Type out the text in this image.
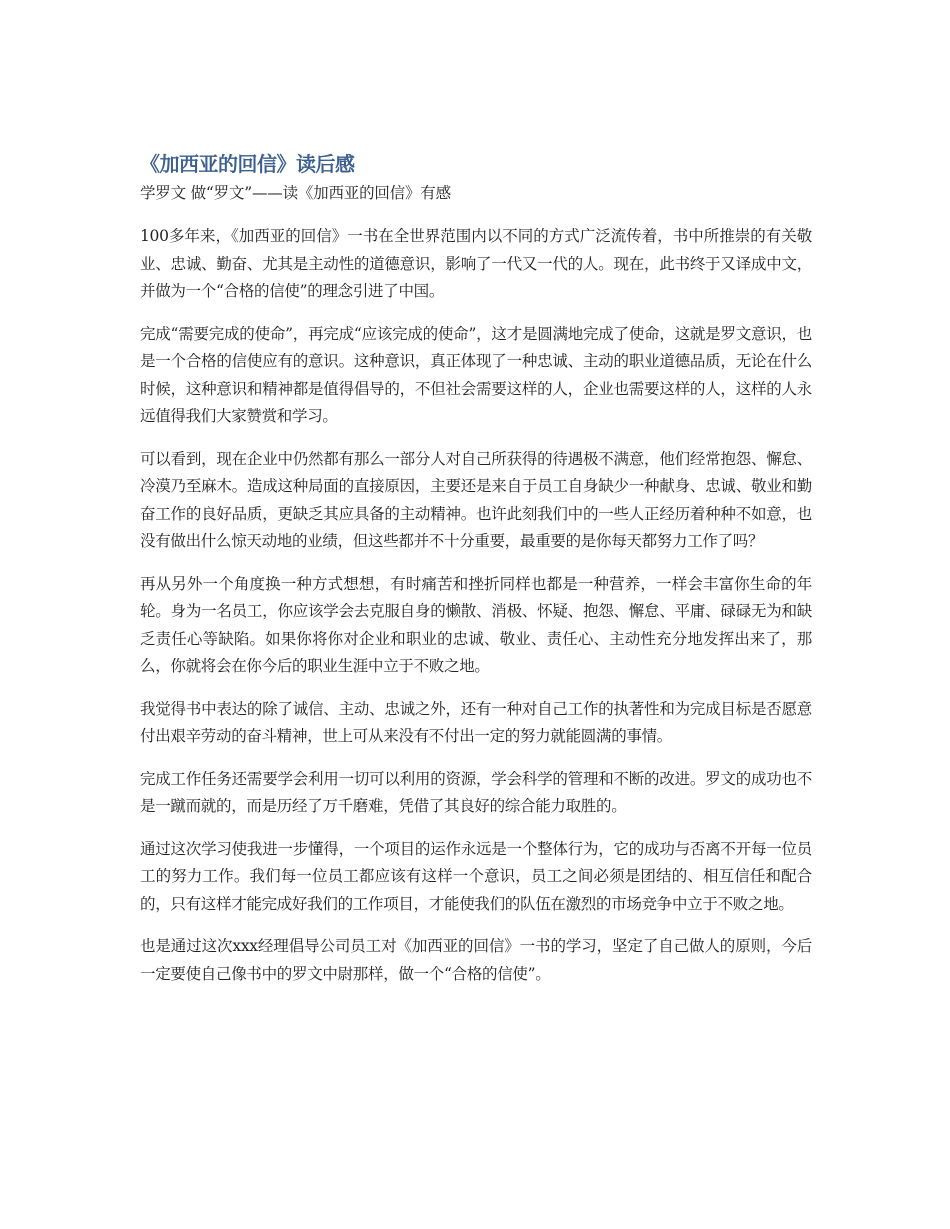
《加西亚的回信》读后感

学罗文 做“罗文”——读《加西亚的回信》有感

100多年来，《加西亚的回信》一书在全世界范围内以不同的方式广泛流传着，书中所推崇的有关敬业、忠诚、勤奋、尤其是主动性的道德意识，影响了一代又一代的人。现在，此书终于又译成中文，并做为一个“合格的信使”的理念引进了中国。

完成“需要完成的使命”，再完成“应该完成的使命”，这才是圆满地完成了使命，这就是罗文意识，也是一个合格的信使应有的意识。这种意识，真正体现了一种忠诚、主动的职业道德品质，无论在什么时候，这种意识和精神都是值得倡导的，不但社会需要这样的人，企业也需要这样的人，这样的人永远值得我们大家赞赏和学习。

可以看到，现在企业中仍然都有那么一部分人对自己所获得的待遇极不满意，他们经常抱怨、懈怠、冷漠乃至麻木。造成这种局面的直接原因，主要还是来自于员工自身缺少一种献身、忠诚、敬业和勤奋工作的良好品质，更缺乏其应具备的主动精神。也许此刻我们中的一些人正经历着种种不如意，也没有做出什么惊天动地的业绩，但这些都并不十分重要，最重要的是你每天都努力工作了吗？

再从另外一个角度换一种方式想想，有时痛苦和挫折同样也都是一种营养，一样会丰富你生命的年轮。身为一名员工，你应该学会去克服自身的懒散、消极、怀疑、抱怨、懈怠、平庸、碌碌无为和缺乏责任心等缺陷。如果你将你对企业和职业的忠诚、敬业、责任心、主动性充分地发挥出来了，那么，你就将会在你今后的职业生涯中立于不败之地。

我觉得书中表达的除了诚信、主动、忠诚之外，还有一种对自己工作的执著性和为完成目标是否愿意付出艰辛劳动的奋斗精神，世上可从来没有不付出一定的努力就能圆满的事情。

完成工作任务还需要学会利用一切可以利用的资源，学会科学的管理和不断的改进。罗文的成功也不是一蹴而就的，而是历经了万千磨难，凭借了其良好的综合能力取胜的。

通过这次学习使我进一步懂得，一个项目的运作永远是一个整体行为，它的成功与否离不开每一位员工的努力工作。我们每一位员工都应该有这样一个意识，员工之间必须是团结的、相互信任和配合的，只有这样才能完成好我们的工作项目，才能使我们的队伍在激烈的市场竞争中立于不败之地。

也是通过这次xxx经理倡导公司员工对《加西亚的回信》一书的学习，坚定了自己做人的原则，今后一定要使自己像书中的罗文中尉那样，做一个“合格的信使”。
